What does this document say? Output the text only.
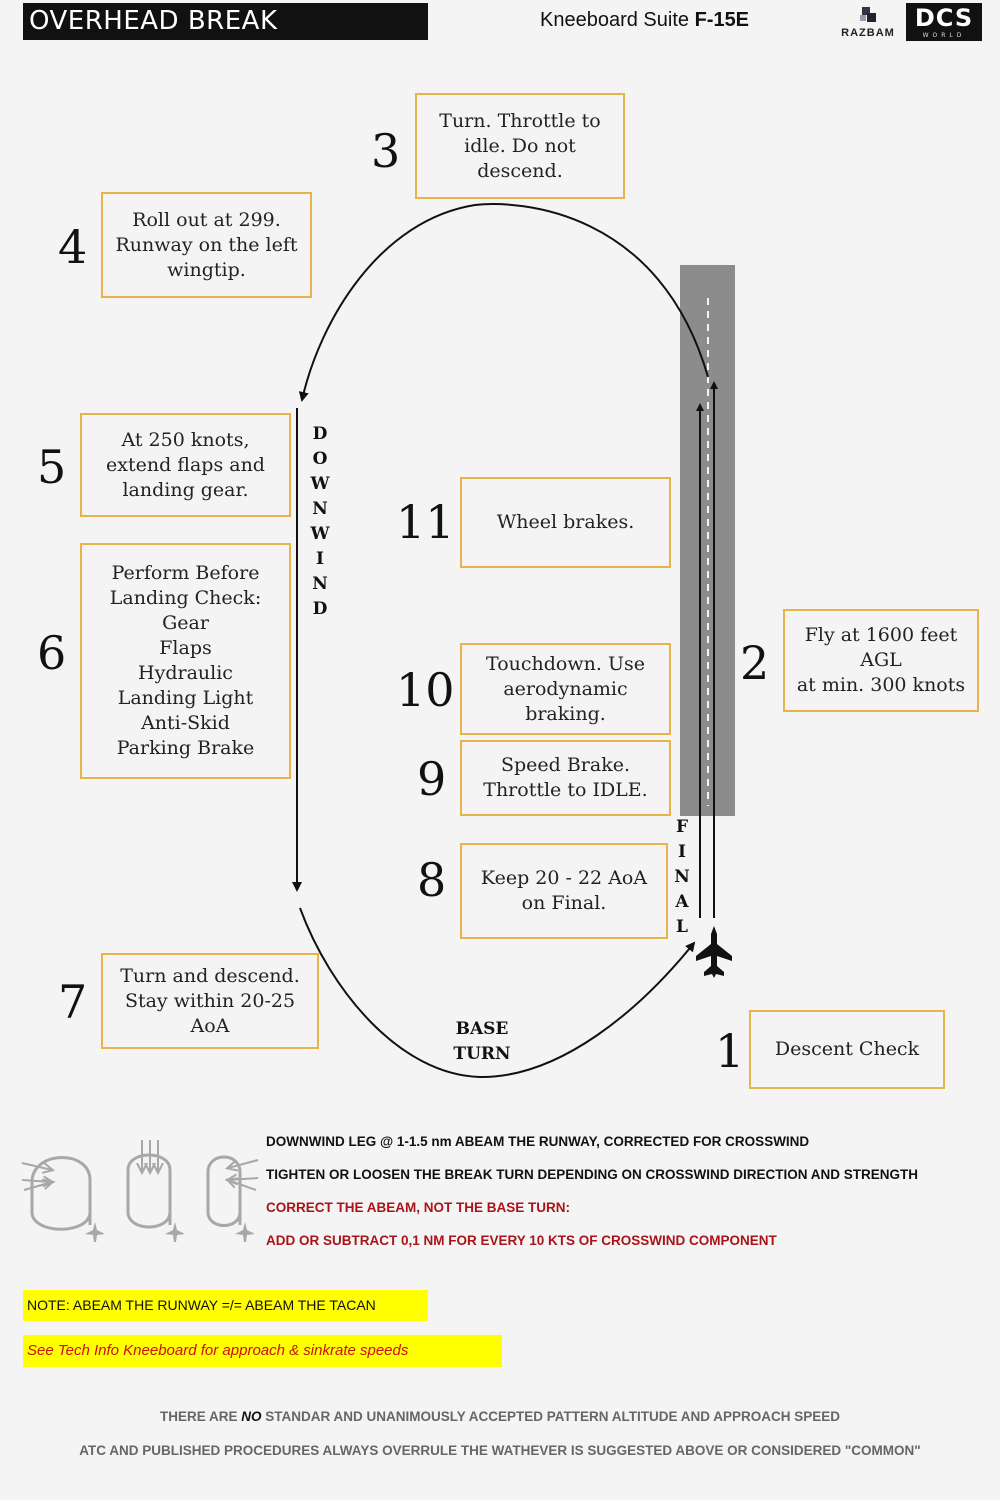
OVERHEAD BREAK	Kneeboard Suite F-15E
RAZBAM
DCS
WORLD
Turn. Throttle to
idle. Do not
descend.
3
Roll out at 299.
Runway on the left
wingtip.
4
At 250 knots,
extend flaps and
landing gear.
5
Perform Before
Landing Check:
Gear
Flaps
Hydraulic
Landing Light
Anti-Skid
Parking Brake
6
Turn and descend.
Stay within 20-25
AoA
7
Wheel brakes.
11
Touchdown. Use
aerodynamic
braking.
10
Speed Brake.
Throttle to IDLE.
9
Keep 20 - 22 AoA
on Final.
8
Fly at 1600 feet
AGL
at min. 300 knots
2
Descent Check
1
D
O
W
N
W
I
N
D
F
I
N
A
L
BASE
TURN
DOWNWIND LEG @ 1-1.5 nm ABEAM THE RUNWAY, CORRECTED FOR CROSSWIND
TIGHTEN OR LOOSEN THE BREAK TURN DEPENDING ON CROSSWIND DIRECTION AND STRENGTH
CORRECT THE ABEAM, NOT THE BASE TURN:
ADD OR SUBTRACT 0,1 NM FOR EVERY 10 KTS OF CROSSWIND COMPONENT
NOTE: ABEAM THE RUNWAY =/= ABEAM THE TACAN
See Tech Info Kneeboard for approach & sinkrate speeds
THERE ARE NO STANDAR AND UNANIMOUSLY ACCEPTED PATTERN ALTITUDE AND APPROACH SPEED
ATC AND PUBLISHED PROCEDURES ALWAYS OVERRULE THE WATHEVER IS SUGGESTED ABOVE OR CONSIDERED "COMMON"
